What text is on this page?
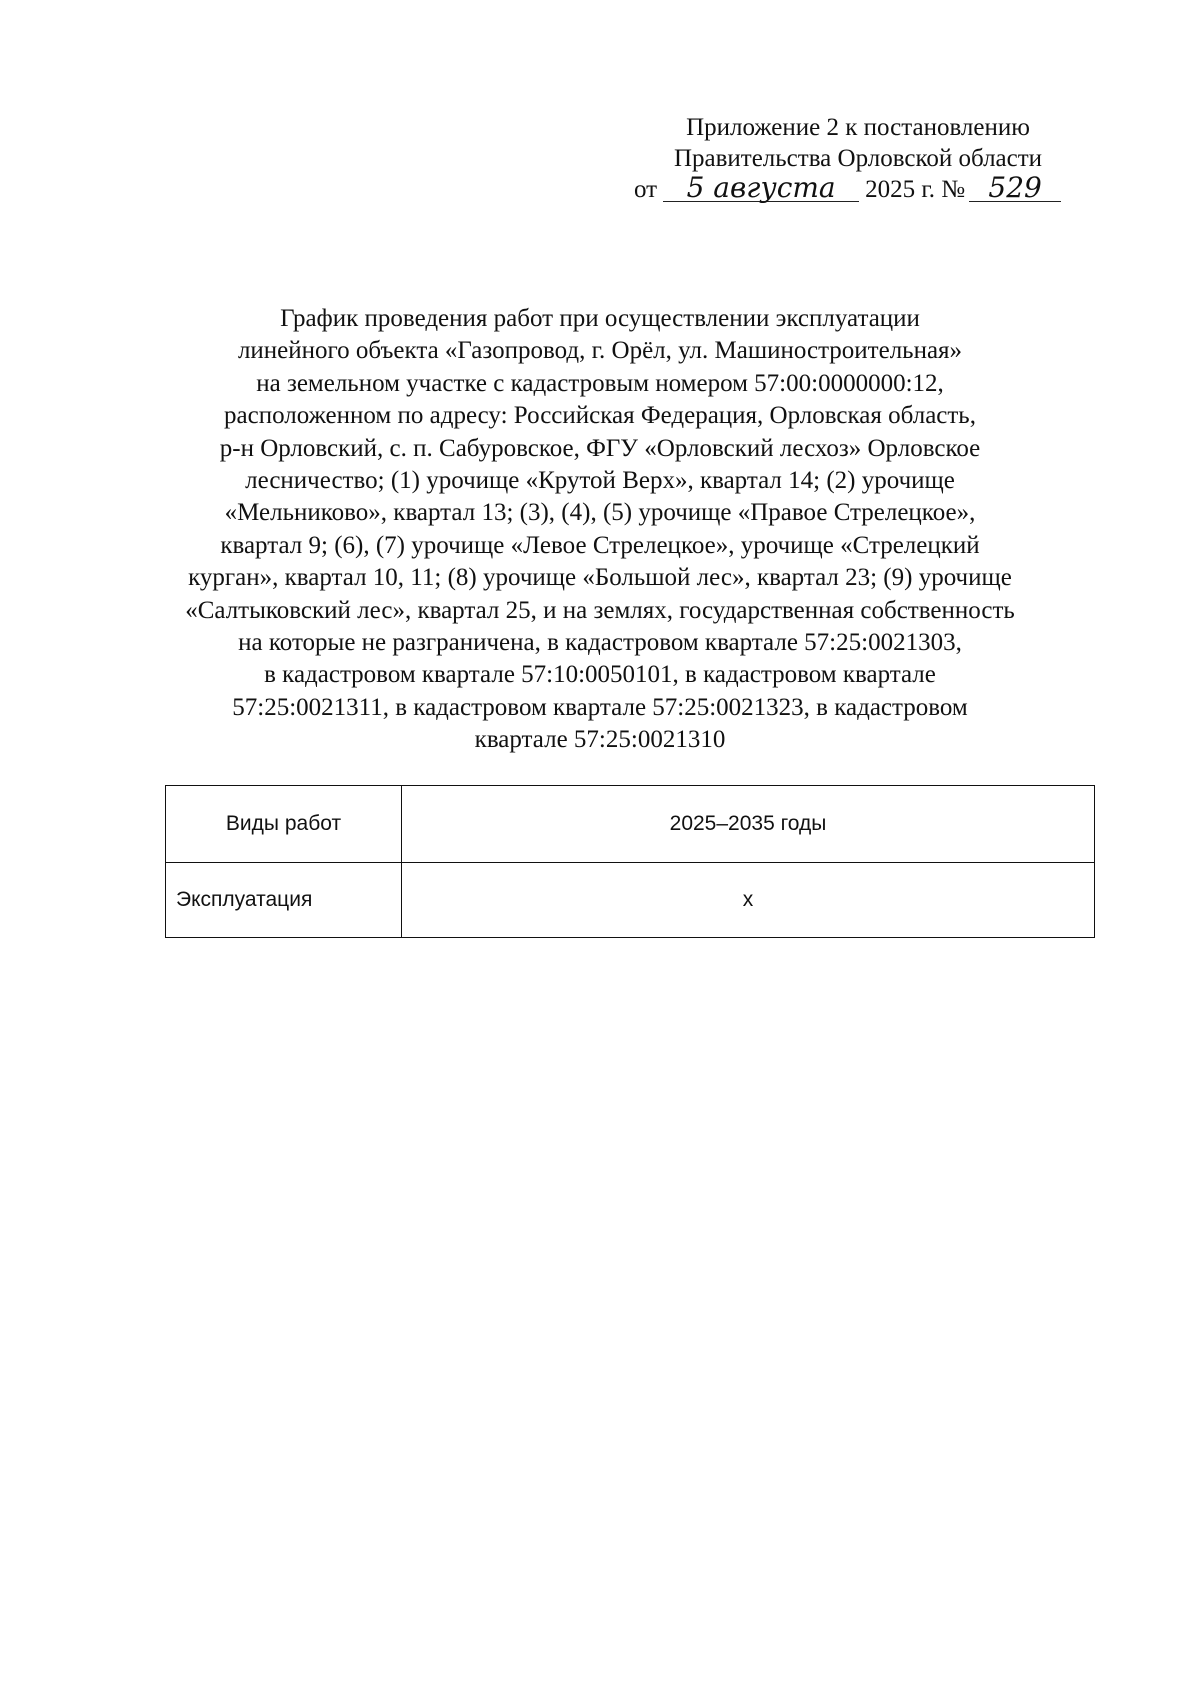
Приложение 2 к постановлению
Правительства Орловской области
от 5 августа 2025 г. № 529
График проведения работ при осуществлении эксплуатации
линейного объекта «Газопровод, г. Орёл, ул. Машиностроительная»
на земельном участке с кадастровым номером 57:00:0000000:12,
расположенном по адресу: Российская Федерация, Орловская область,
р-н Орловский, с. п. Сабуровское, ФГУ «Орловский лесхоз» Орловское
лесничество; (1) урочище «Крутой Верх», квартал 14; (2) урочище
«Мельниково», квартал 13; (3), (4), (5) урочище «Правое Стрелецкое»,
квартал 9; (6), (7) урочище «Левое Стрелецкое», урочище «Стрелецкий
курган», квартал 10, 11; (8) урочище «Большой лес», квартал 23; (9) урочище
«Салтыковский лес», квартал 25, и на землях, государственная собственность
на которые не разграничена, в кадастровом квартале 57:25:0021303,
в кадастровом квартале 57:10:0050101, в кадастровом квартале
57:25:0021311, в кадастровом квартале 57:25:0021323, в кадастровом
квартале 57:25:0021310
Виды работ	2025–2035 годы
Эксплуатация	х
